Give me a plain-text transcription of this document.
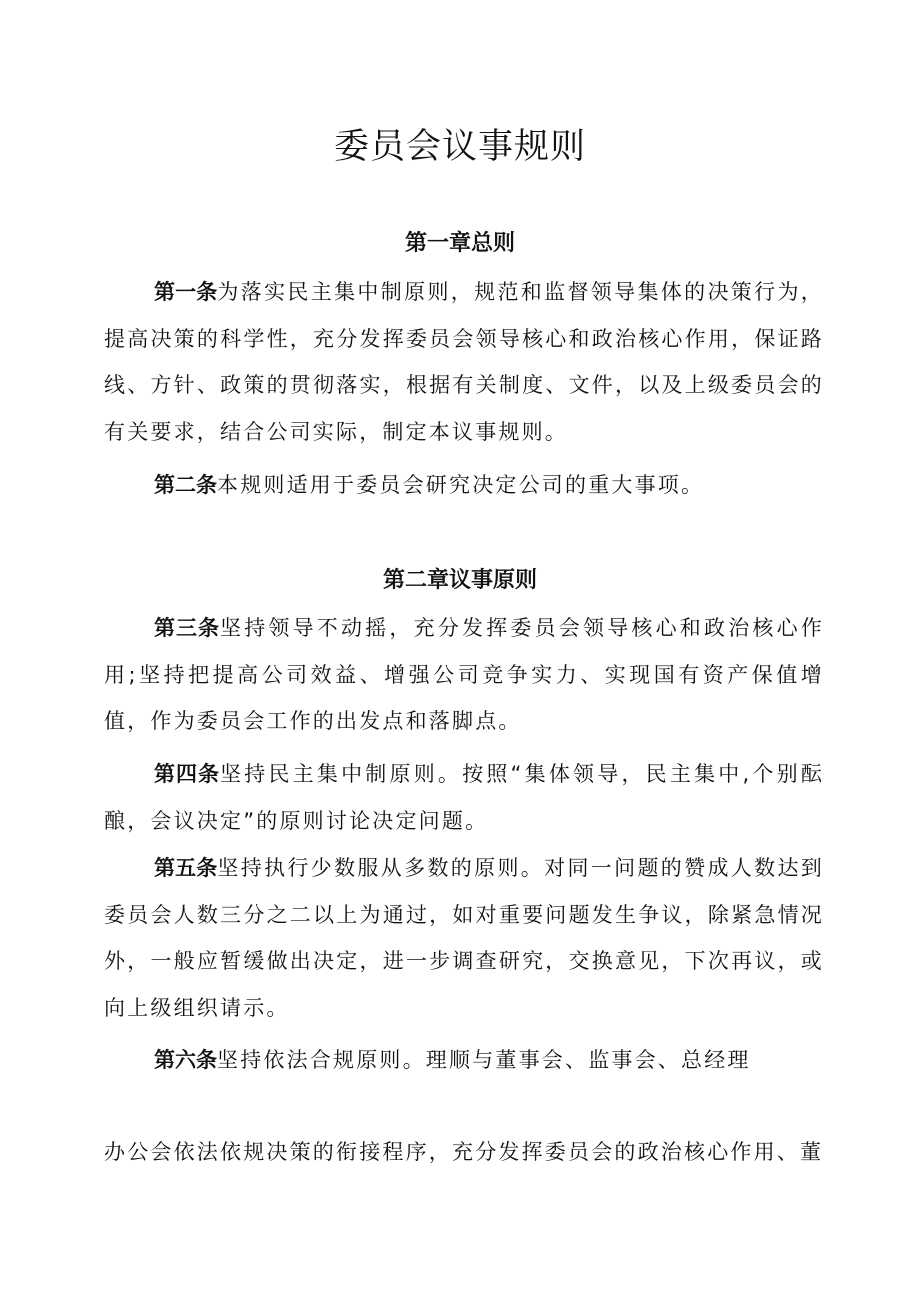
委员会议事规则
第一章总则

第一条为落实民主集中制原则，规范和监督领导集体的决策行为，提高决策的科学性，充分发挥委员会领导核心和政治核心作用，保证路线、方针、政策的贯彻落实，根据有关制度、文件，以及上级委员会的有关要求，结合公司实际，制定本议事规则。

第二条本规则适用于委员会研究决定公司的重大事项。

第二章议事原则

第三条坚持领导不动摇，充分发挥委员会领导核心和政治核心作用;坚持把提高公司效益、增强公司竞争实力、实现国有资产保值增值，作为委员会工作的出发点和落脚点。

第四条坚持民主集中制原则。按照“集体领导，民主集中,个别酝酿，会议决定”的原则讨论决定问题。

第五条坚持执行少数服从多数的原则。对同一问题的赞成人数达到委员会人数三分之二以上为通过，如对重要问题发生争议，除紧急情况外，一般应暂缓做出决定，进一步调查研究，交换意见，下次再议，或向上级组织请示。

第六条坚持依法合规原则。理顺与董事会、监事会、总经理

办公会依法依规决策的衔接程序，充分发挥委员会的政治核心作用、董
